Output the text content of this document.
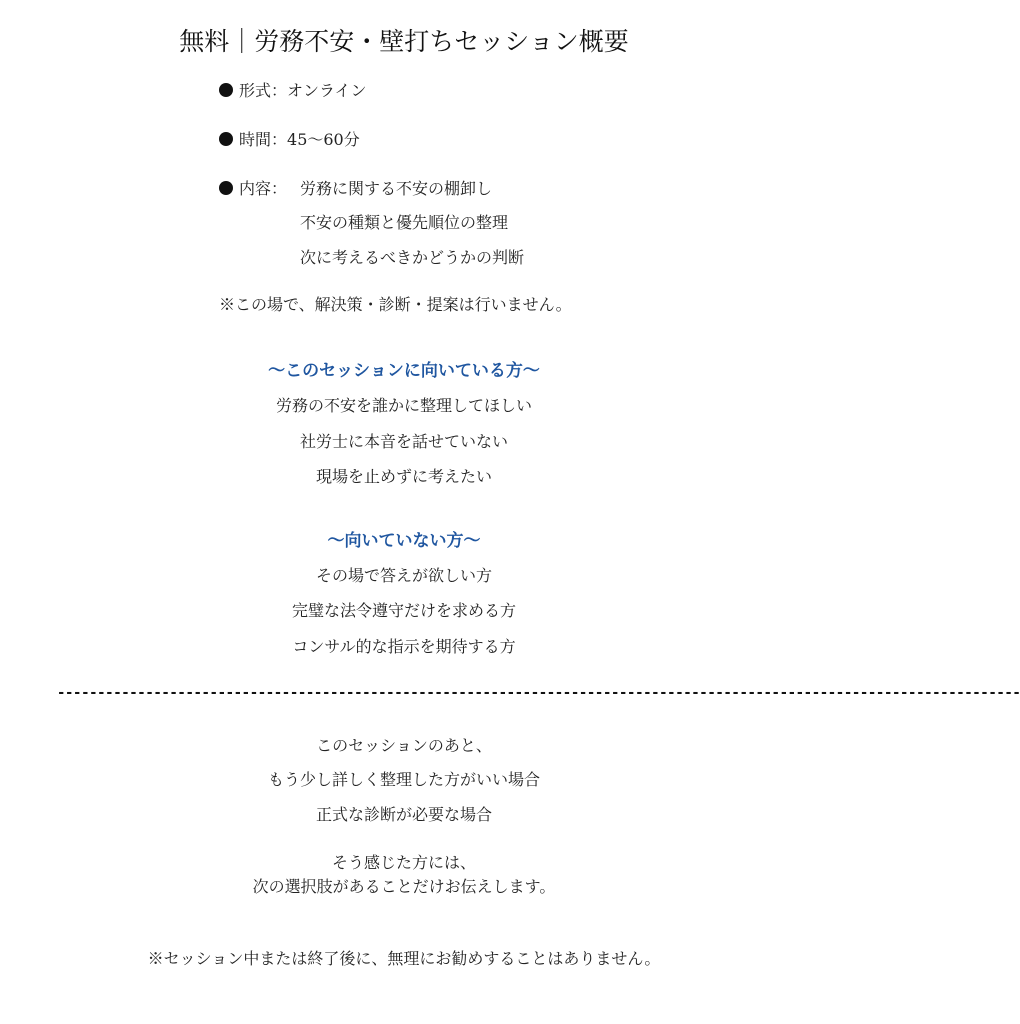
無料｜労務不安・壁打ちセッション概要
形式：オンライン
時間：45〜60分
内容： 労務に関する不安の棚卸し
不安の種類と優先順位の整理
次に考えるべきかどうかの判断
※この場で、解決策・診断・提案は行いません。
〜このセッションに向いている方〜
労務の不安を誰かに整理してほしい
社労士に本音を話せていない
現場を止めずに考えたい
〜向いていない方〜
その場で答えが欲しい方
完璧な法令遵守だけを求める方
コンサル的な指示を期待する方
------------------------------------------------------------------------------------------------------------------------
このセッションのあと、
もう少し詳しく整理した方がいい場合
正式な診断が必要な場合
そう感じた方には、
次の選択肢があることだけお伝えします。
※セッション中または終了後に、無理にお勧めすることはありません。
